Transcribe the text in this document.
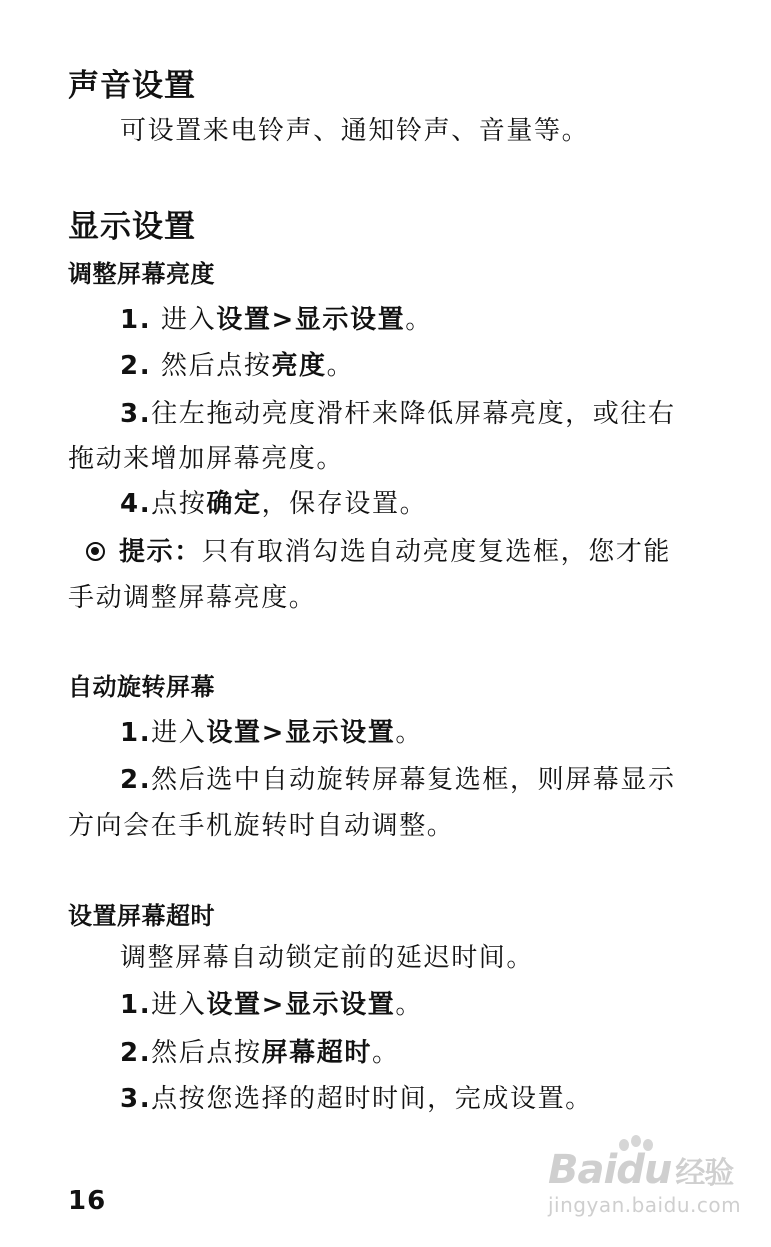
声音设置
可设置来电铃声、通知铃声、音量等。
显示设置
调整屏幕亮度
1. 进入设置>显示设置。
2. 然后点按亮度。
3.往左拖动亮度滑杆来降低屏幕亮度，或往右
拖动来增加屏幕亮度。
4.点按确定，保存设置。
提示：只有取消勾选自动亮度复选框，您才能
手动调整屏幕亮度。
自动旋转屏幕
1.进入设置>显示设置。
2.然后选中自动旋转屏幕复选框，则屏幕显示
方向会在手机旋转时自动调整。
设置屏幕超时
调整屏幕自动锁定前的延迟时间。
1.进入设置>显示设置。
2.然后点按屏幕超时。
3.点按您选择的超时时间，完成设置。
16
Baidu 经验
jingyan.baidu.com
